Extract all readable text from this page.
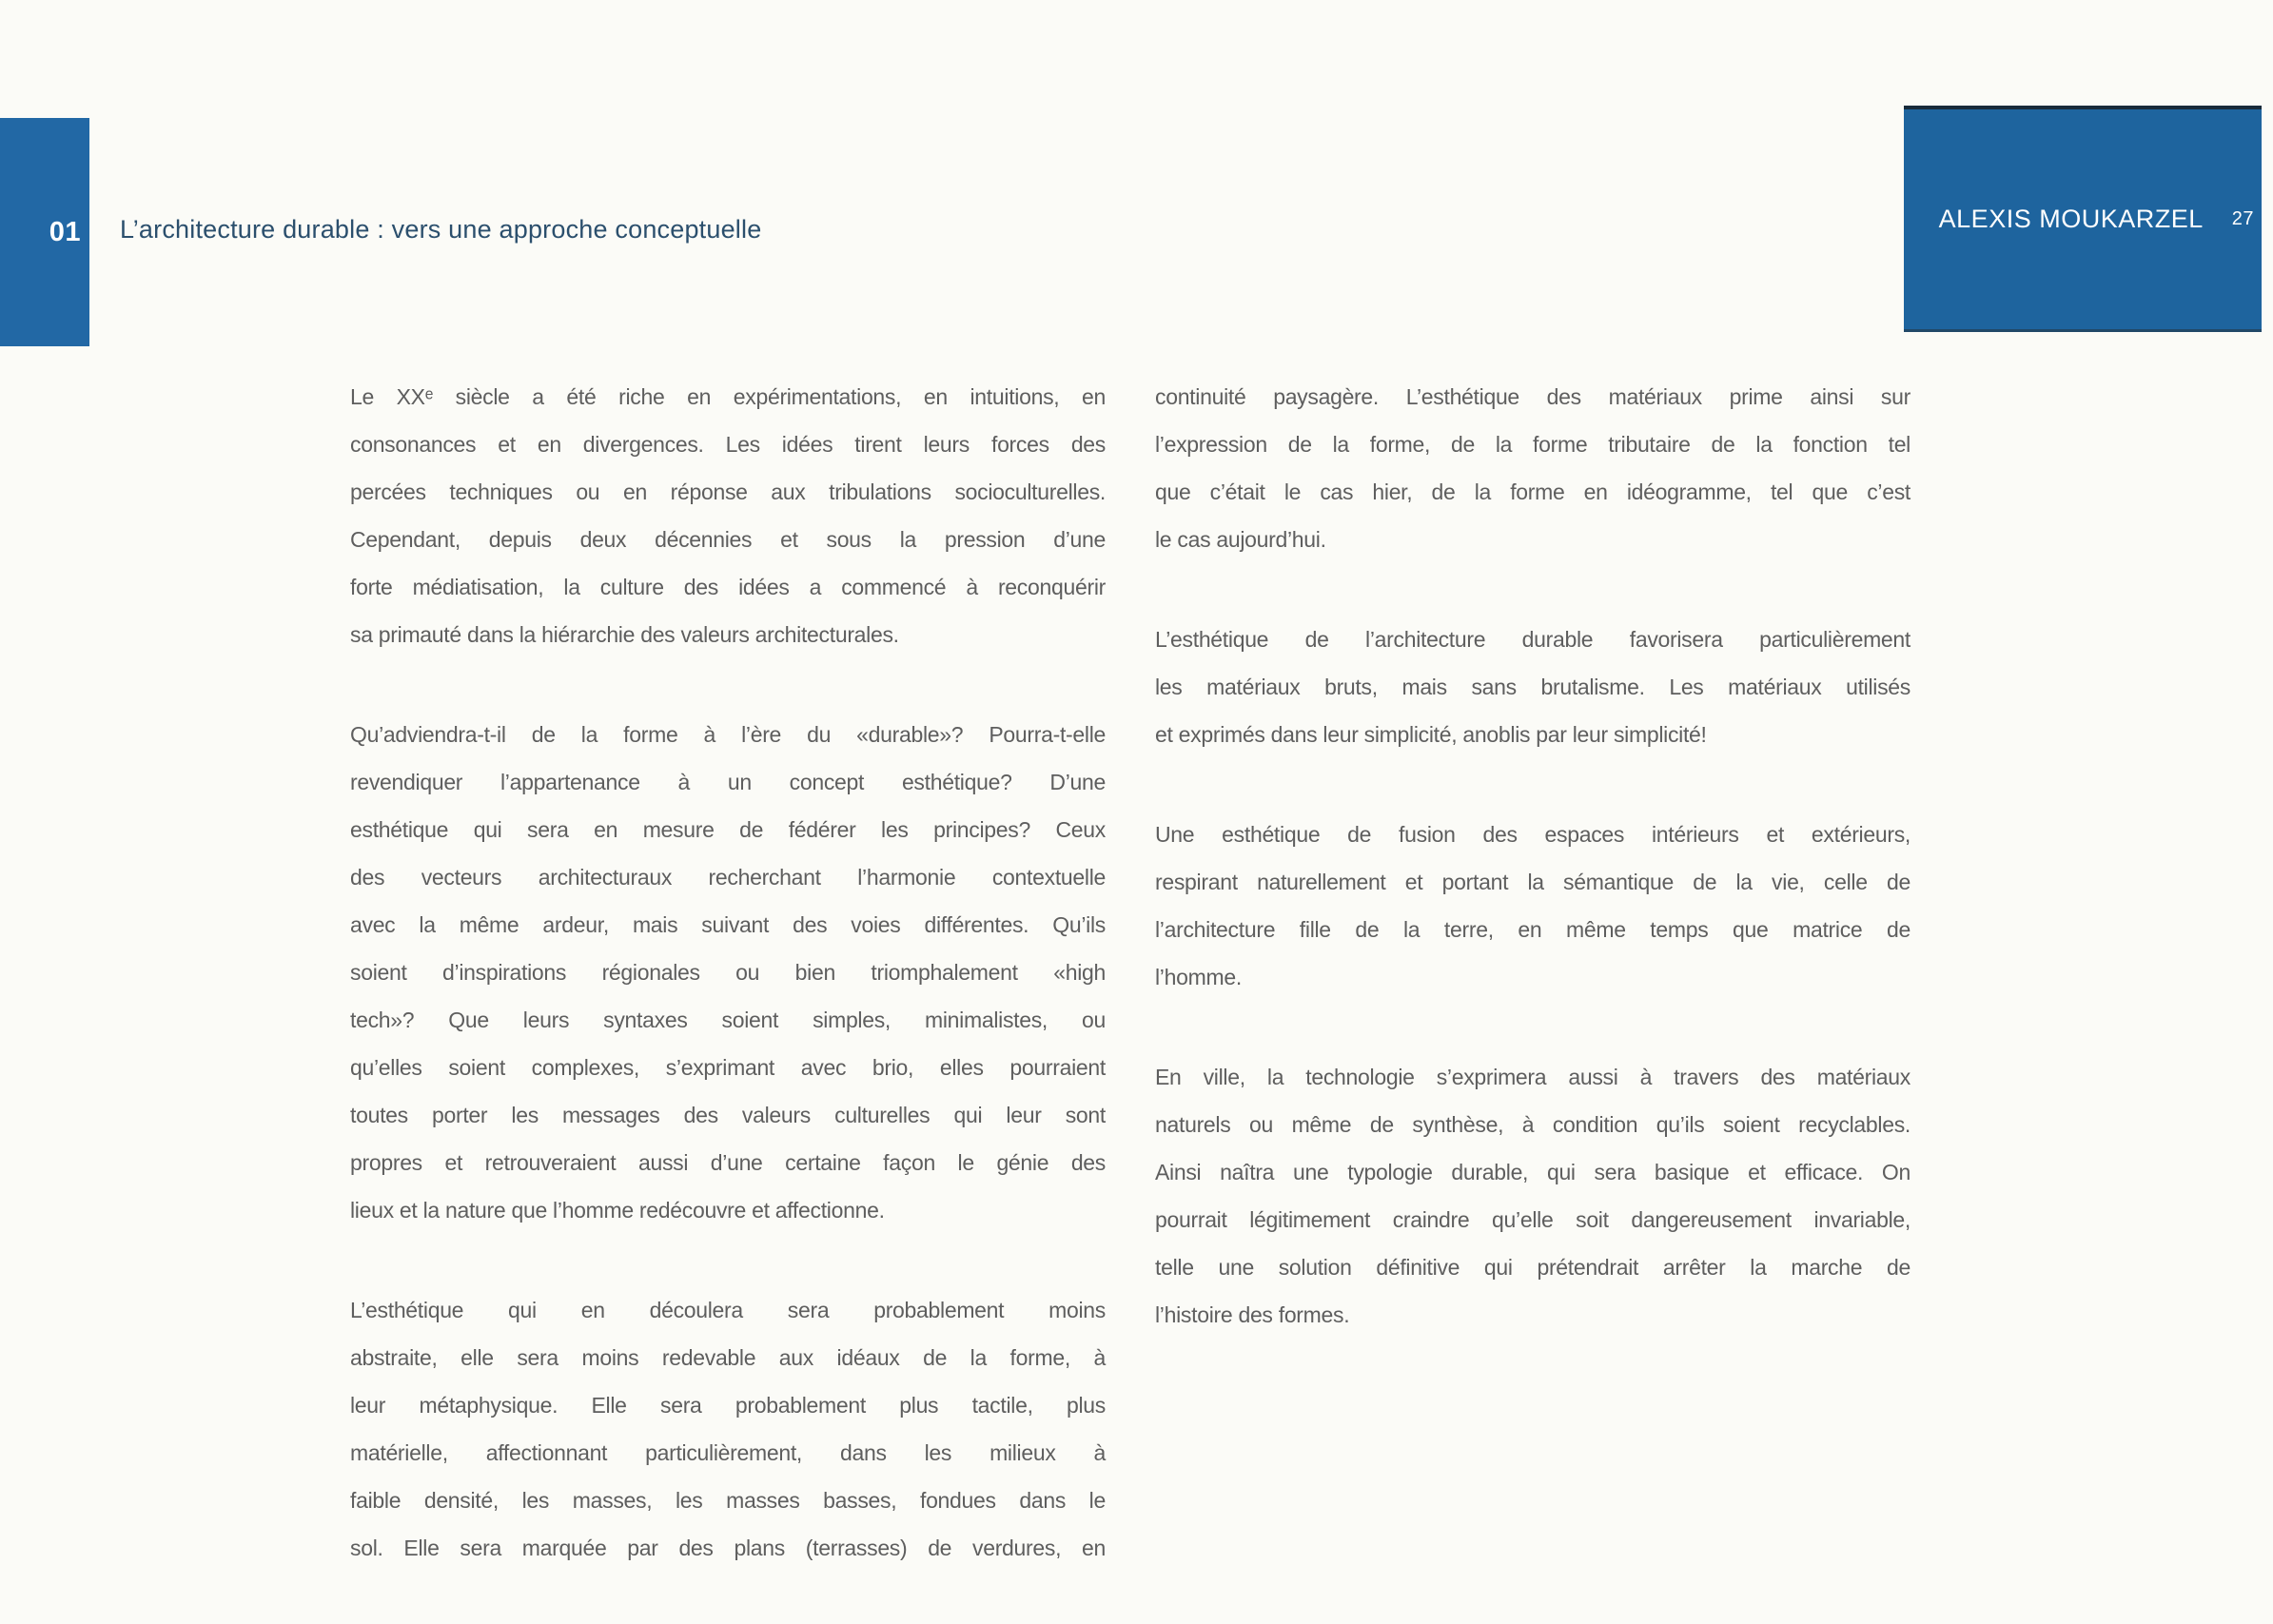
01 L’architecture durable : vers une approche conceptuelle	ALEXIS MOUKARZEL 27
Le XXᵉ siècle a été riche en expérimentations, en intuitions, en
consonances et en divergences. Les idées tirent leurs forces des
percées techniques ou en réponse aux tribulations socioculturelles.
Cependant, depuis deux décennies et sous la pression d’une
forte médiatisation, la culture des idées a commencé à reconquérir
sa primauté dans la hiérarchie des valeurs architecturales.
Qu’adviendra-t-il de la forme à l’ère du «durable»? Pourra-t-elle
revendiquer l’appartenance à un concept esthétique? D’une
esthétique qui sera en mesure de fédérer les principes? Ceux
des vecteurs architecturaux recherchant l’harmonie contextuelle
avec la même ardeur, mais suivant des voies différentes. Qu’ils
soient d’inspirations régionales ou bien triomphalement «high
tech»? Que leurs syntaxes soient simples, minimalistes, ou
qu’elles soient complexes, s’exprimant avec brio, elles pourraient
toutes porter les messages des valeurs culturelles qui leur sont
propres et retrouveraient aussi d’une certaine façon le génie des
lieux et la nature que l’homme redécouvre et affectionne.
L’esthétique qui en découlera sera probablement moins
abstraite, elle sera moins redevable aux idéaux de la forme, à
leur métaphysique. Elle sera probablement plus tactile, plus
matérielle, affectionnant particulièrement, dans les milieux à
faible densité, les masses, les masses basses, fondues dans le
sol. Elle sera marquée par des plans (terrasses) de verdures, en
continuité paysagère. L’esthétique des matériaux prime ainsi sur
l’expression de la forme, de la forme tributaire de la fonction tel
que c’était le cas hier, de la forme en idéogramme, tel que c’est
le cas aujourd’hui.
L’esthétique de l’architecture durable favorisera particulièrement
les matériaux bruts, mais sans brutalisme. Les matériaux utilisés
et exprimés dans leur simplicité, anoblis par leur simplicité!
Une esthétique de fusion des espaces intérieurs et extérieurs,
respirant naturellement et portant la sémantique de la vie, celle de
l’architecture fille de la terre, en même temps que matrice de
l’homme.
En ville, la technologie s’exprimera aussi à travers des matériaux
naturels ou même de synthèse, à condition qu’ils soient recyclables.
Ainsi naîtra une typologie durable, qui sera basique et efficace. On
pourrait légitimement craindre qu’elle soit dangereusement invariable,
telle une solution définitive qui prétendrait arrêter la marche de
l’histoire des formes.
